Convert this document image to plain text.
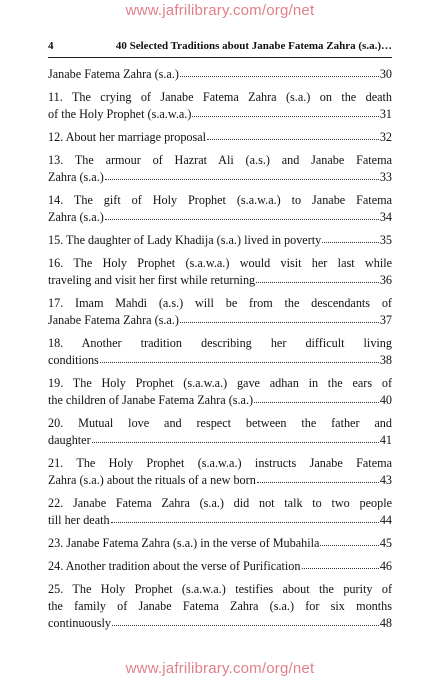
www.jafrilibrary.com/org/net
4	40 Selected Traditions about Janabe Fatema Zahra (s.a.)…
Janabe Fatema Zahra (s.a.)	30
11. The crying of Janabe Fatema Zahra (s.a.) on the death
of the Holy Prophet (s.a.w.a.)	31
12. About her marriage proposal	32
13. The armour of Hazrat Ali (a.s.) and Janabe Fatema
Zahra (s.a.)	33
14. The gift of Holy Prophet (s.a.w.a.) to Janabe Fatema
Zahra (s.a.)	34
15. The daughter of Lady Khadija (s.a.) lived in poverty	35
16. The Holy Prophet (s.a.w.a.) would visit her last while
traveling and visit her first while returning	36
17. Imam Mahdi (a.s.) will be from the descendants of
Janabe Fatema Zahra (s.a.)	37
18. Another tradition describing her difficult living
conditions	38
19. The Holy Prophet (s.a.w.a.) gave adhan in the ears of
the children of Janabe Fatema Zahra (s.a.)	40
20. Mutual love and respect between the father and
daughter	41
21. The Holy Prophet (s.a.w.a.) instructs Janabe Fatema
Zahra (s.a.) about the rituals of a new born	43
22. Janabe Fatema Zahra (s.a.) did not talk to two people
till her death	44
23. Janabe Fatema Zahra (s.a.) in the verse of Mubahila	45
24. Another tradition about the verse of Purification	46
25. The Holy Prophet (s.a.w.a.) testifies about the purity of
the family of Janabe Fatema Zahra (s.a.) for six months
continuously	48
www.jafrilibrary.com/org/net
